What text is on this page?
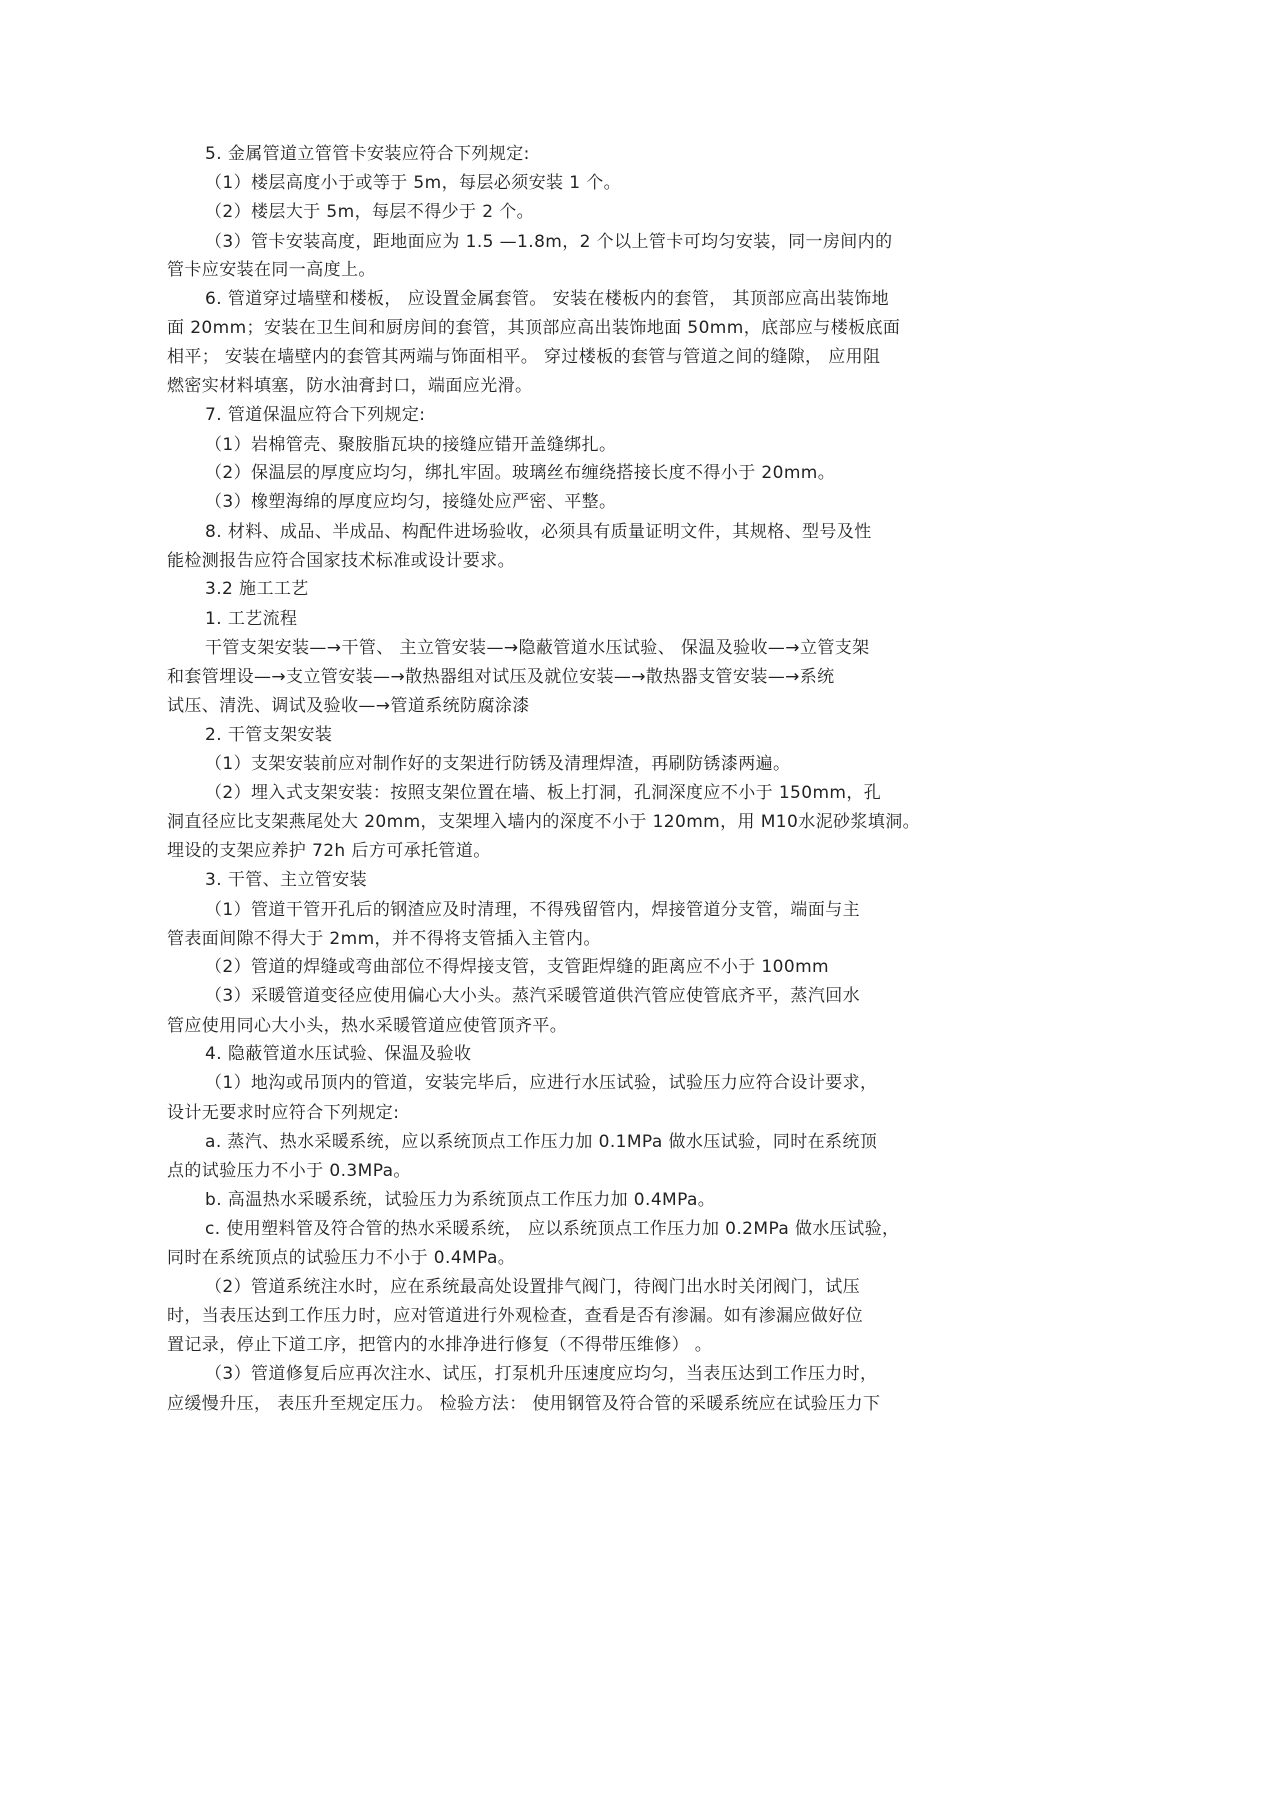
5. 金属管道立管管卡安装应符合下列规定:
（1）楼层高度小于或等于 5m，每层必须安装 1 个。
（2）楼层大于 5m，每层不得少于 2 个。
（3）管卡安装高度，距地面应为 1.5 —1.8m，2 个以上管卡可均匀安装，同一房间内的
管卡应安装在同一高度上。
6. 管道穿过墙壁和楼板， 应设置金属套管。 安装在楼板内的套管， 其顶部应高出装饰地
面 20mm；安装在卫生间和厨房间的套管，其顶部应高出装饰地面 50mm，底部应与楼板底面
相平； 安装在墙壁内的套管其两端与饰面相平。 穿过楼板的套管与管道之间的缝隙， 应用阻
燃密实材料填塞，防水油膏封口，端面应光滑。
7. 管道保温应符合下列规定:
（1）岩棉管壳、聚胺脂瓦块的接缝应错开盖缝绑扎。
（2）保温层的厚度应均匀，绑扎牢固。玻璃丝布缠绕搭接长度不得小于 20mm。
（3）橡塑海绵的厚度应均匀，接缝处应严密、平整。
8. 材料、成品、半成品、构配件进场验收，必须具有质量证明文件，其规格、型号及性
能检测报告应符合国家技术标准或设计要求。
3.2 施工工艺
1. 工艺流程
干管支架安装—→干管、 主立管安装—→隐蔽管道水压试验、 保温及验收—→立管支架
和套管埋设—→支立管安装—→散热器组对试压及就位安装—→散热器支管安装—→系统
试压、清洗、调试及验收—→管道系统防腐涂漆
2. 干管支架安装
（1）支架安装前应对制作好的支架进行防锈及清理焊渣，再刷防锈漆两遍。
（2）埋入式支架安装：按照支架位置在墙、板上打洞，孔洞深度应不小于 150mm，孔
洞直径应比支架燕尾处大 20mm，支架埋入墙内的深度不小于 120mm，用 M10水泥砂浆填洞。
埋设的支架应养护 72h 后方可承托管道。
3. 干管、主立管安装
（1）管道干管开孔后的钢渣应及时清理，不得残留管内，焊接管道分支管，端面与主
管表面间隙不得大于 2mm，并不得将支管插入主管内。
（2）管道的焊缝或弯曲部位不得焊接支管，支管距焊缝的距离应不小于 100mm
（3）采暖管道变径应使用偏心大小头。蒸汽采暖管道供汽管应使管底齐平，蒸汽回水
管应使用同心大小头，热水采暖管道应使管顶齐平。
4. 隐蔽管道水压试验、保温及验收
（1）地沟或吊顶内的管道，安装完毕后，应进行水压试验，试验压力应符合设计要求，
设计无要求时应符合下列规定:
a. 蒸汽、热水采暖系统，应以系统顶点工作压力加 0.1MPa 做水压试验，同时在系统顶
点的试验压力不小于 0.3MPa。
b. 高温热水采暖系统，试验压力为系统顶点工作压力加 0.4MPa。
c. 使用塑料管及符合管的热水采暖系统， 应以系统顶点工作压力加 0.2MPa 做水压试验，
同时在系统顶点的试验压力不小于 0.4MPa。
（2）管道系统注水时，应在系统最高处设置排气阀门，待阀门出水时关闭阀门，试压
时，当表压达到工作压力时，应对管道进行外观检查，查看是否有渗漏。如有渗漏应做好位
置记录，停止下道工序，把管内的水排净进行修复（不得带压维修） 。
（3）管道修复后应再次注水、试压，打泵机升压速度应均匀，当表压达到工作压力时，
应缓慢升压， 表压升至规定压力。 检验方法： 使用钢管及符合管的采暖系统应在试验压力下
